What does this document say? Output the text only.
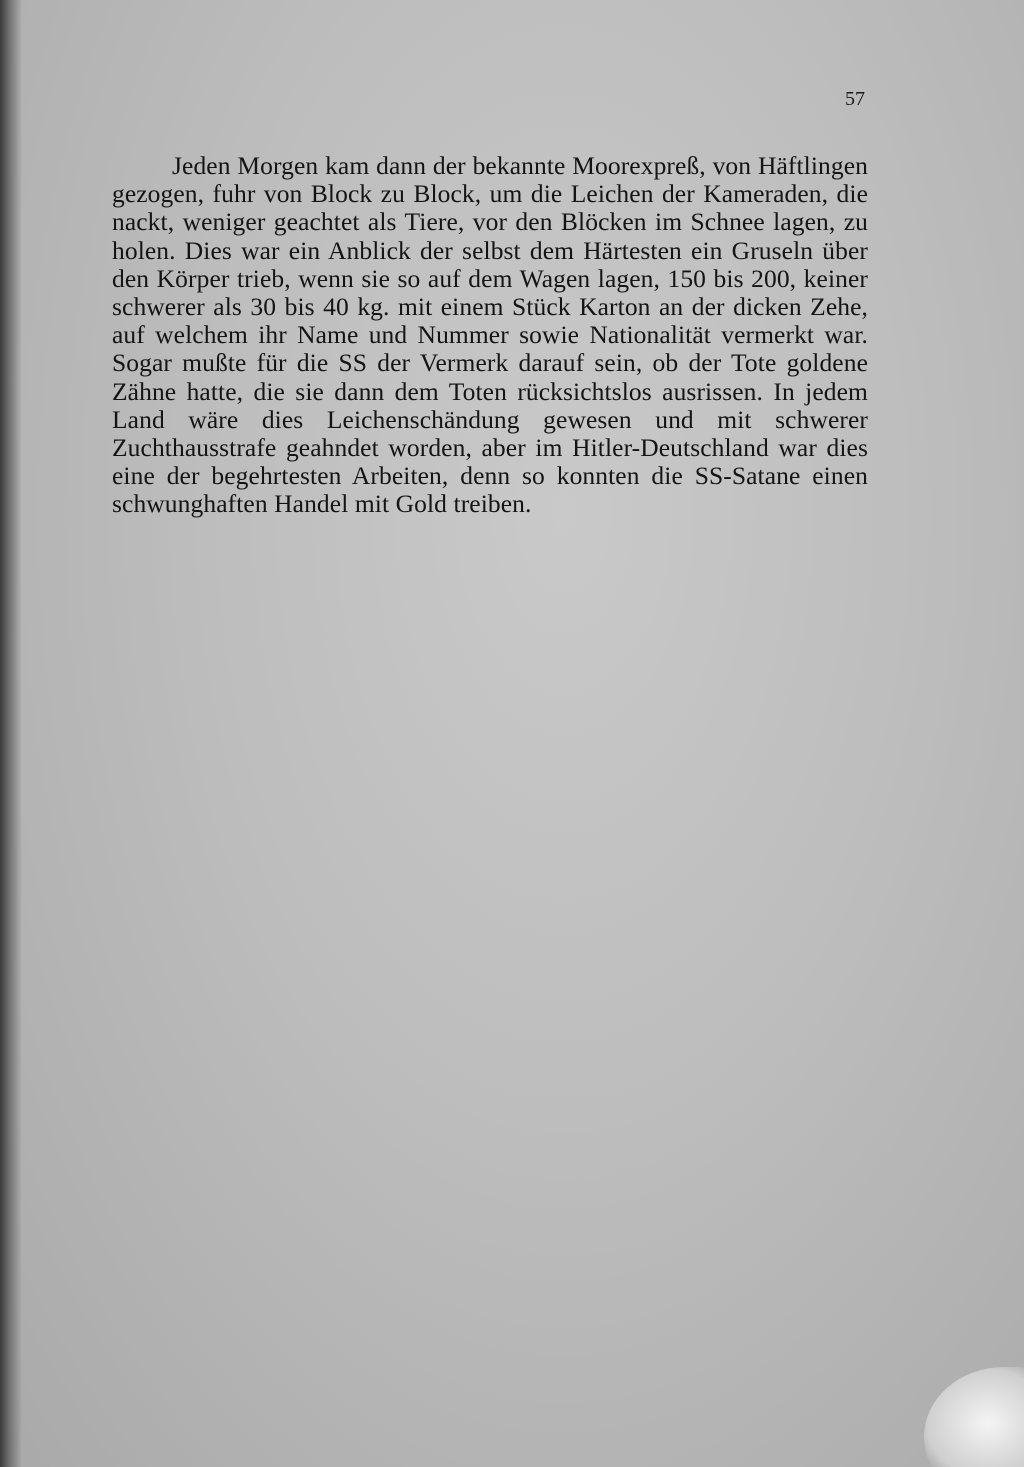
57

Jeden Morgen kam dann der bekannte Moorexpreß, von Häftlingen gezogen, fuhr von Block zu Block, um die Leichen der Kameraden, die nackt, weniger geachtet als Tiere, vor den Blöcken im Schnee lagen, zu holen. Dies war ein Anblick der selbst dem Härtesten ein Gruseln über den Körper trieb, wenn sie so auf dem Wagen lagen, 150 bis 200, keiner schwerer als 30 bis 40 kg. mit einem Stück Karton an der dicken Zehe, auf welchem ihr Name und Nummer sowie Nationalität vermerkt war. Sogar mußte für die SS der Vermerk darauf sein, ob der Tote goldene Zähne hatte, die sie dann dem Toten rücksichtslos ausrissen. In jedem Land wäre dies Leichenschändung gewesen und mit schwerer Zuchthausstrafe geahndet worden, aber im Hitler-Deutschland war dies eine der begehrtesten Arbeiten, denn so konnten die SS-Satane einen schwunghaften Handel mit Gold treiben.
